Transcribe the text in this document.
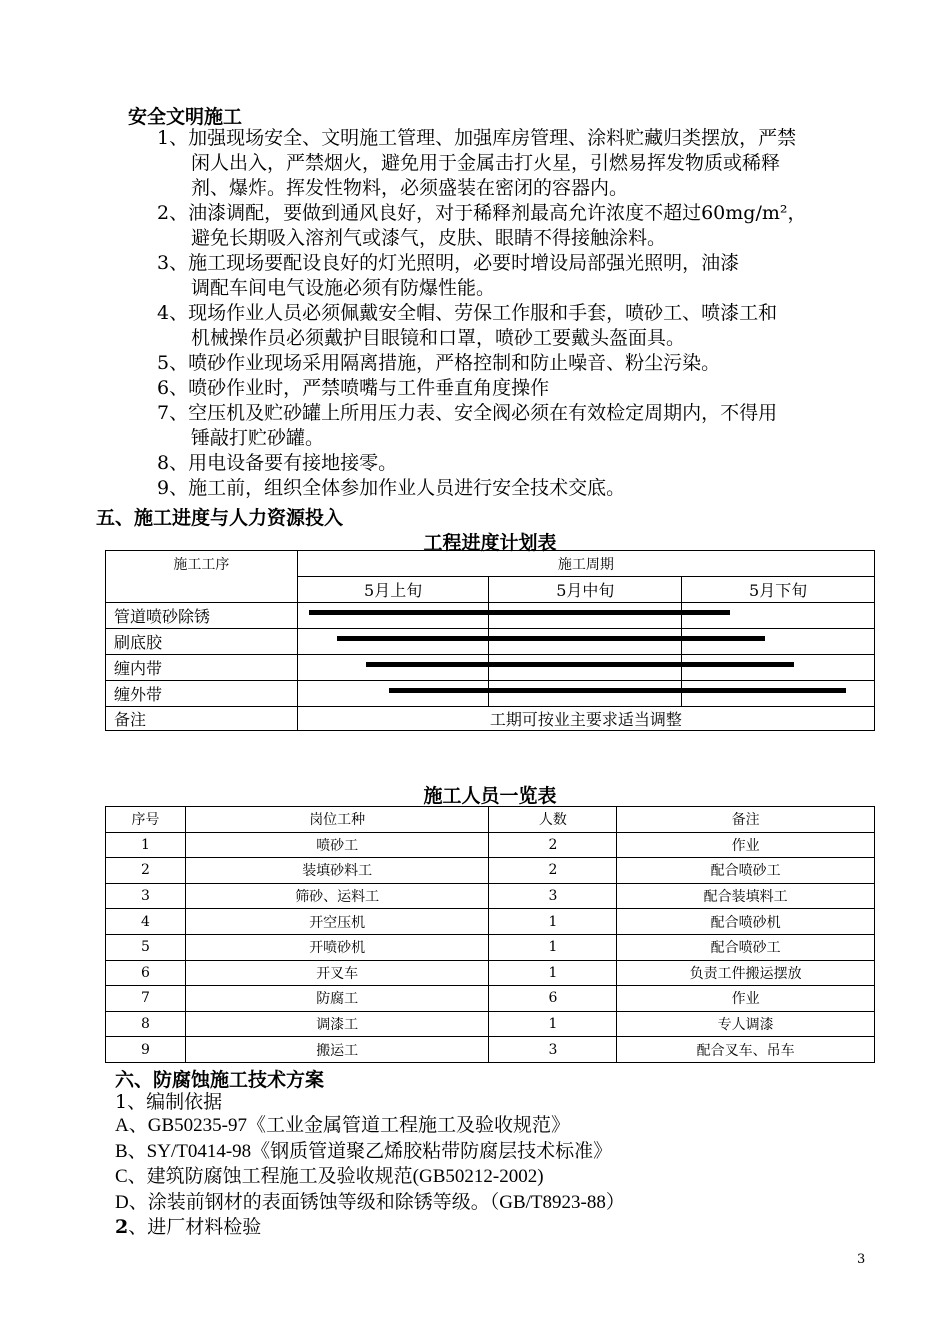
安全文明施工
1、加强现场安全、文明施工管理、加强库房管理、涂料贮藏归类摆放，严禁
闲人出入，严禁烟火，避免用于金属击打火星，引燃易挥发物质或稀释
剂、爆炸。挥发性物料，必须盛装在密闭的容器内。
2、油漆调配，要做到通风良好，对于稀释剂最高允许浓度不超过60mg/m²，
避免长期吸入溶剂气或漆气，皮肤、眼睛不得接触涂料。
3、施工现场要配设良好的灯光照明，必要时增设局部强光照明，油漆
调配车间电气设施必须有防爆性能。
4、现场作业人员必须佩戴安全帽、劳保工作服和手套，喷砂工、喷漆工和
机械操作员必须戴护目眼镜和口罩，喷砂工要戴头盔面具。
5、喷砂作业现场采用隔离措施，严格控制和防止噪音、粉尘污染。
6、喷砂作业时，严禁喷嘴与工件垂直角度操作
7、空压机及贮砂罐上所用压力表、安全阀必须在有效检定周期内，不得用
锤敲打贮砂罐。
8、用电设备要有接地接零。
9、施工前，组织全体参加作业人员进行安全技术交底。
五、施工进度与人力资源投入
工程进度计划表
施工工序	施工周期		
	5月上旬	5月中旬	5月下旬
管道喷砂除锈			
刷底胶			
缠内带			
缠外带			
备注	工期可按业主要求适当调整		
施工人员一览表
序号	岗位工种	人数	备注
1	喷砂工	2	作业
2	装填砂料工	2	配合喷砂工
3	筛砂、运料工	3	配合装填料工
4	开空压机	1	配合喷砂机
5	开喷砂机	1	配合喷砂工
6	开叉车	1	负责工件搬运摆放
7	防腐工	6	作业
8	调漆工	1	专人调漆
9	搬运工	3	配合叉车、吊车
六、防腐蚀施工技术方案
1、编制依据
A、GB50235-97《工业金属管道工程施工及验收规范》
B、SY/T0414-98《钢质管道聚乙烯胶粘带防腐层技术标准》
C、建筑防腐蚀工程施工及验收规范(GB50212-2002)
D、涂装前钢材的表面锈蚀等级和除锈等级。（GB/T8923-88）
2、进厂材料检验
3
